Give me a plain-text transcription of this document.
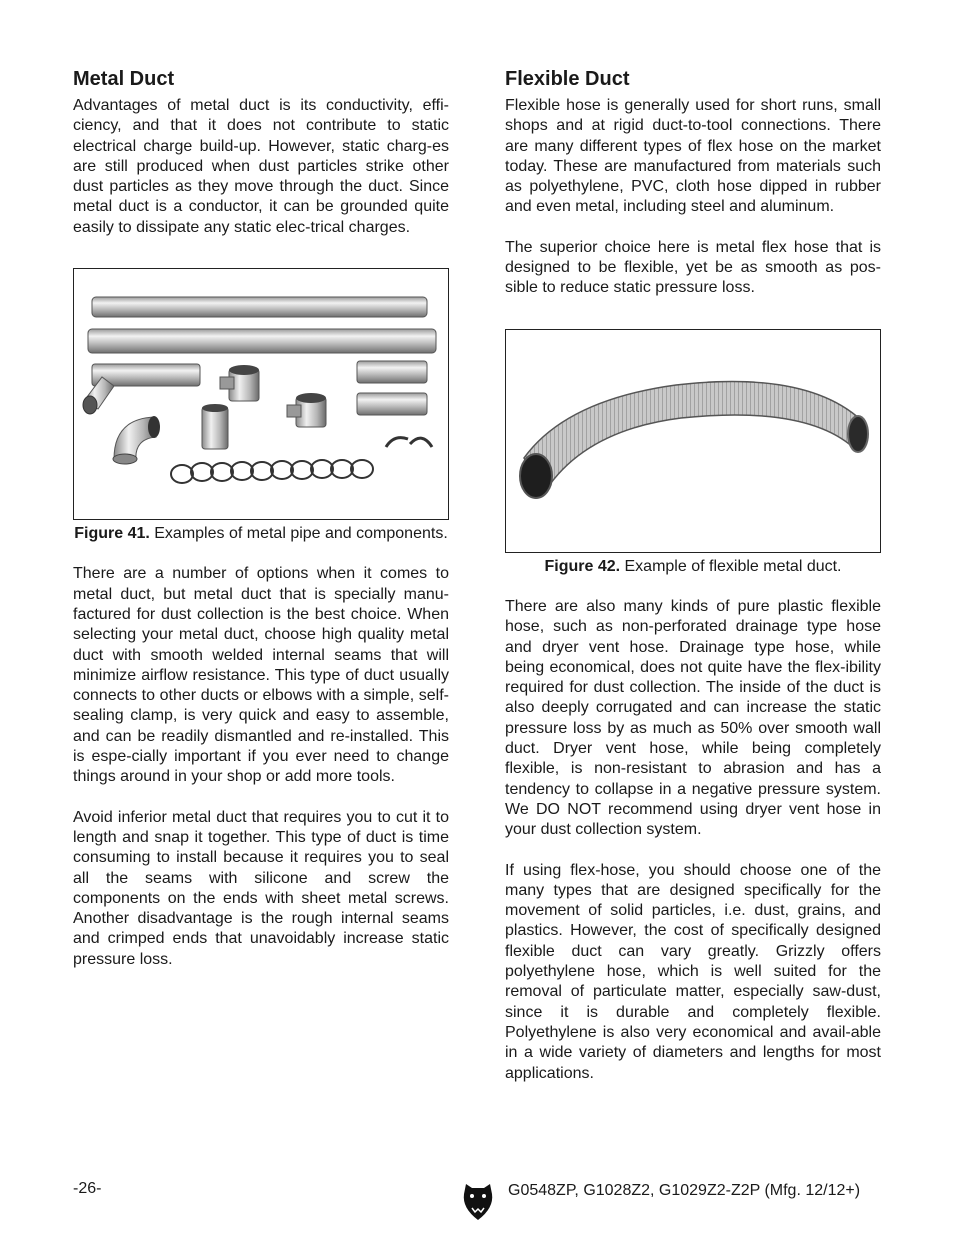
Metal Duct

Advantages of metal duct is its conductivity, effi-ciency, and that it does not contribute to static electrical charge build-up. However, static charg-es are still produced when dust particles strike other dust particles as they move through the duct. Since metal duct is a conductor, it can be grounded quite easily to dissipate any static elec-trical charges.

Figure 41. Examples of metal pipe and components.

There are a number of options when it comes to metal duct, but metal duct that is specially manu-factured for dust collection is the best choice. When selecting your metal duct, choose high quality metal duct with smooth welded internal seams that will minimize airflow resistance. This type of duct usually connects to other ducts or elbows with a simple, self-sealing clamp, is very quick and easy to assemble, and can be readily dismantled and re-installed. This is espe-cially important if you ever need to change things around in your shop or add more tools.

Avoid inferior metal duct that requires you to cut it to length and snap it together. This type of duct is time consuming to install because it requires you to seal all the seams with silicone and screw the components on the ends with sheet metal screws. Another disadvantage is the rough internal seams and crimped ends that unavoidably increase static pressure loss.

Flexible Duct

Flexible hose is generally used for short runs, small shops and at rigid duct-to-tool connections. There are many different types of flex hose on the market today. These are manufactured from materials such as polyethylene, PVC, cloth hose dipped in rubber and even metal, including steel and aluminum.

The superior choice here is metal flex hose that is designed to be flexible, yet be as smooth as pos-sible to reduce static pressure loss.

Figure 42. Example of flexible metal duct.

There are also many kinds of pure plastic flexible hose, such as non-perforated drainage type hose and dryer vent hose. Drainage type hose, while being economical, does not quite have the flex-ibility required for dust collection. The inside of the duct is also deeply corrugated and can increase the static pressure loss by as much as 50% over smooth wall duct. Dryer vent hose, while being completely flexible, is non-resistant to abrasion and has a tendency to collapse in a negative pressure system. We DO NOT recommend using dryer vent hose in your dust collection system.

If using flex-hose, you should choose one of the many types that are designed specifically for the movement of solid particles, i.e. dust, grains, and plastics. However, the cost of specifically designed flexible duct can vary greatly. Grizzly offers polyethylene hose, which is well suited for the removal of particulate matter, especially saw-dust, since it is durable and completely flexible. Polyethylene is also very economical and avail-able in a wide variety of diameters and lengths for most applications.

-26-	G0548ZP, G1028Z2, G1029Z2-Z2P (Mfg. 12/12+)
